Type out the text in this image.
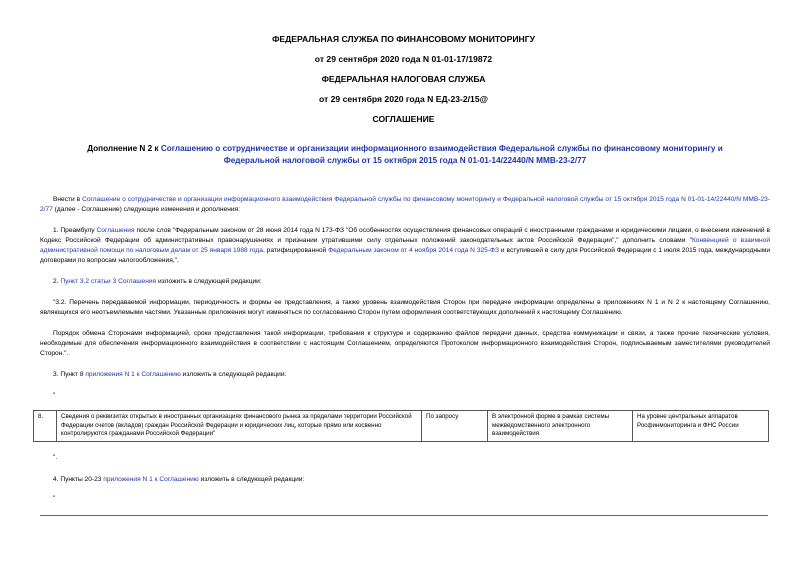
ФЕДЕРАЛЬНАЯ СЛУЖБА ПО ФИНАНСОВОМУ МОНИТОРИНГУ
от 29 сентября 2020 года N 01-01-17/19872
ФЕДЕРАЛЬНАЯ НАЛОГОВАЯ СЛУЖБА
от 29 сентября 2020 года N ЕД-23-2/15@
СОГЛАШЕНИЕ
Дополнение N 2 к Соглашению о сотрудничестве и организации информационного взаимодействия Федеральной службы по финансовому мониторингу и Федеральной налоговой службы от 15 октября 2015 года N 01-01-14/22440/N ММВ-23-2/77
Внести в Соглашение о сотрудничестве и организации информационного взаимодействия Федеральной службы по финансовому мониторингу и Федеральной налоговой службы от 15 октября 2015 года N 01-01-14/22440/N ММВ-23-2/77 (далее - Соглашение) следующие изменения и дополнения:
1. Преамбулу Соглашения после слов "Федеральным законом от 28 июня 2014 года N 173-ФЗ "Об особенностях осуществления финансовых операций с иностранными гражданами и юридическими лицами, о внесении изменений в Кодекс Российской Федерации об административных правонарушениях и признании утратившими силу отдельных положений законодательных актов Российской Федерации"," дополнить словами "Конвенцией о взаимной административной помощи по налоговым делам от 25 января 1988 года, ратифицированной Федеральным законом от 4 ноября 2014 года N 325-ФЗ и вступившей в силу для Российской Федерации с 1 июля 2015 года, международными договорами по вопросам налогообложения,".
2. Пункт 3.2 статьи 3 Соглашения изложить в следующей редакции:
"3.2. Перечень передаваемой информации, периодичность и формы ее представления, а также уровень взаимодействия Сторон при передаче информации определены в приложениях N 1 и N 2 к настоящему Соглашению, являющихся его неотъемлемыми частями. Указанные приложения могут изменяться по согласованию Сторон путем оформления соответствующих дополнений к настоящему Соглашению.
Порядок обмена Сторонами информацией, сроки представления такой информации, требования к структуре и содержанию файлов передачи данных, средства коммуникации и связи, а также прочие технические условия, необходимые для обеспечения информационного взаимодействия в соответствии с настоящим Соглашением, определяются Протоколом информационного взаимодействия Сторон, подписываемым заместителями руководителей Сторон.".
3. Пункт 8 приложения N 1 к Соглашению изложить в следующей редакции:
"
8.	Сведения о реквизитах открытых в иностранных организациях финансового рынка за пределами территории Российской Федерации счетов (вкладов) граждан Российской Федерации и юридических лиц, которые прямо или косвенно контролируются гражданами Российской Федерации"	По запросу	В электронной форме в рамках системы межведомственного электронного взаимодействия	На уровне центральных аппаратов Росфинмониторинга и ФНС России
".
4. Пункты 20-23 приложения N 1 к Соглашению изложить в следующей редакции:
"
